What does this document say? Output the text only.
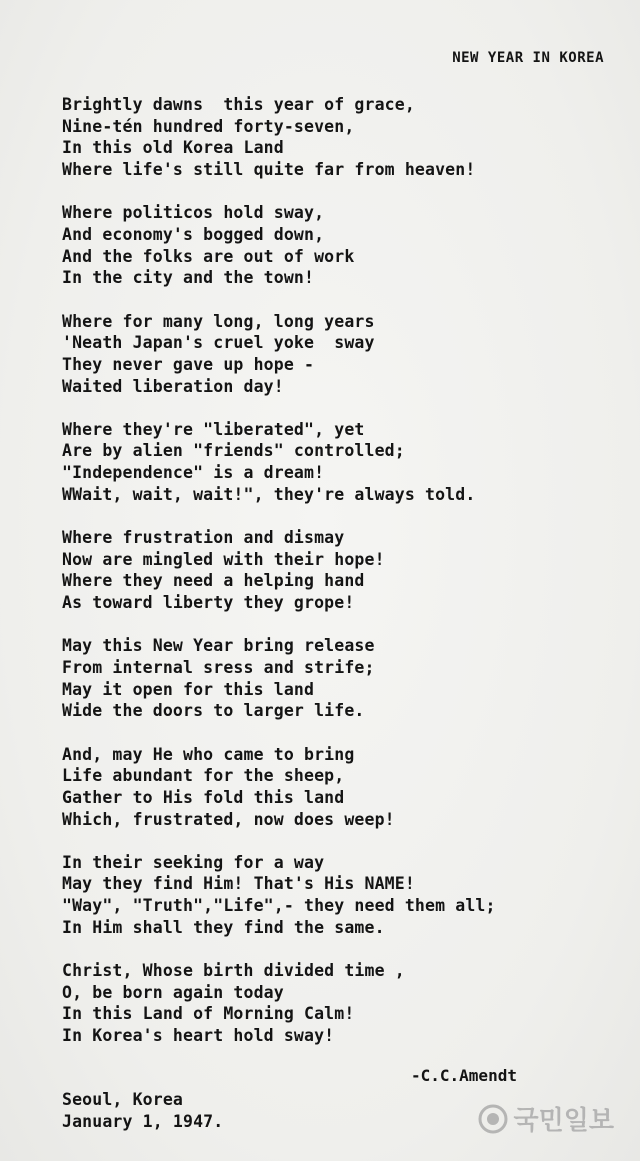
NEW YEAR IN KOREA
Brightly dawns  this year of grace,
Nine-tén hundred forty-seven,
In this old Korea Land
Where life's still quite far from heaven!
Where politicos hold sway,
And economy's bogged down,
And the folks are out of work
In the city and the town!
Where for many long, long years
'Neath Japan's cruel yoke  sway
They never gave up hope -
Waited liberation day!
Where they're "liberated", yet
Are by alien "friends" controlled;
"Independence" is a dream!
WWait, wait, wait!", they're always told.
Where frustration and dismay
Now are mingled with their hope!
Where they need a helping hand
As toward liberty they grope!
May this New Year bring release
From internal sress and strife;
May it open for this land
Wide the doors to larger life.
And, may He who came to bring
Life abundant for the sheep,
Gather to His fold this land
Which, frustrated, now does weep!
In their seeking for a way
May they find Him! That's His NAME!
"Way", "Truth","Life",- they need them all;
In Him shall they find the same.
Christ, Whose birth divided time ,
O, be born again today
In this Land of Morning Calm!
In Korea's heart hold sway!
-C.C.Amendt
Seoul, Korea
January 1, 1947.	국민일보
